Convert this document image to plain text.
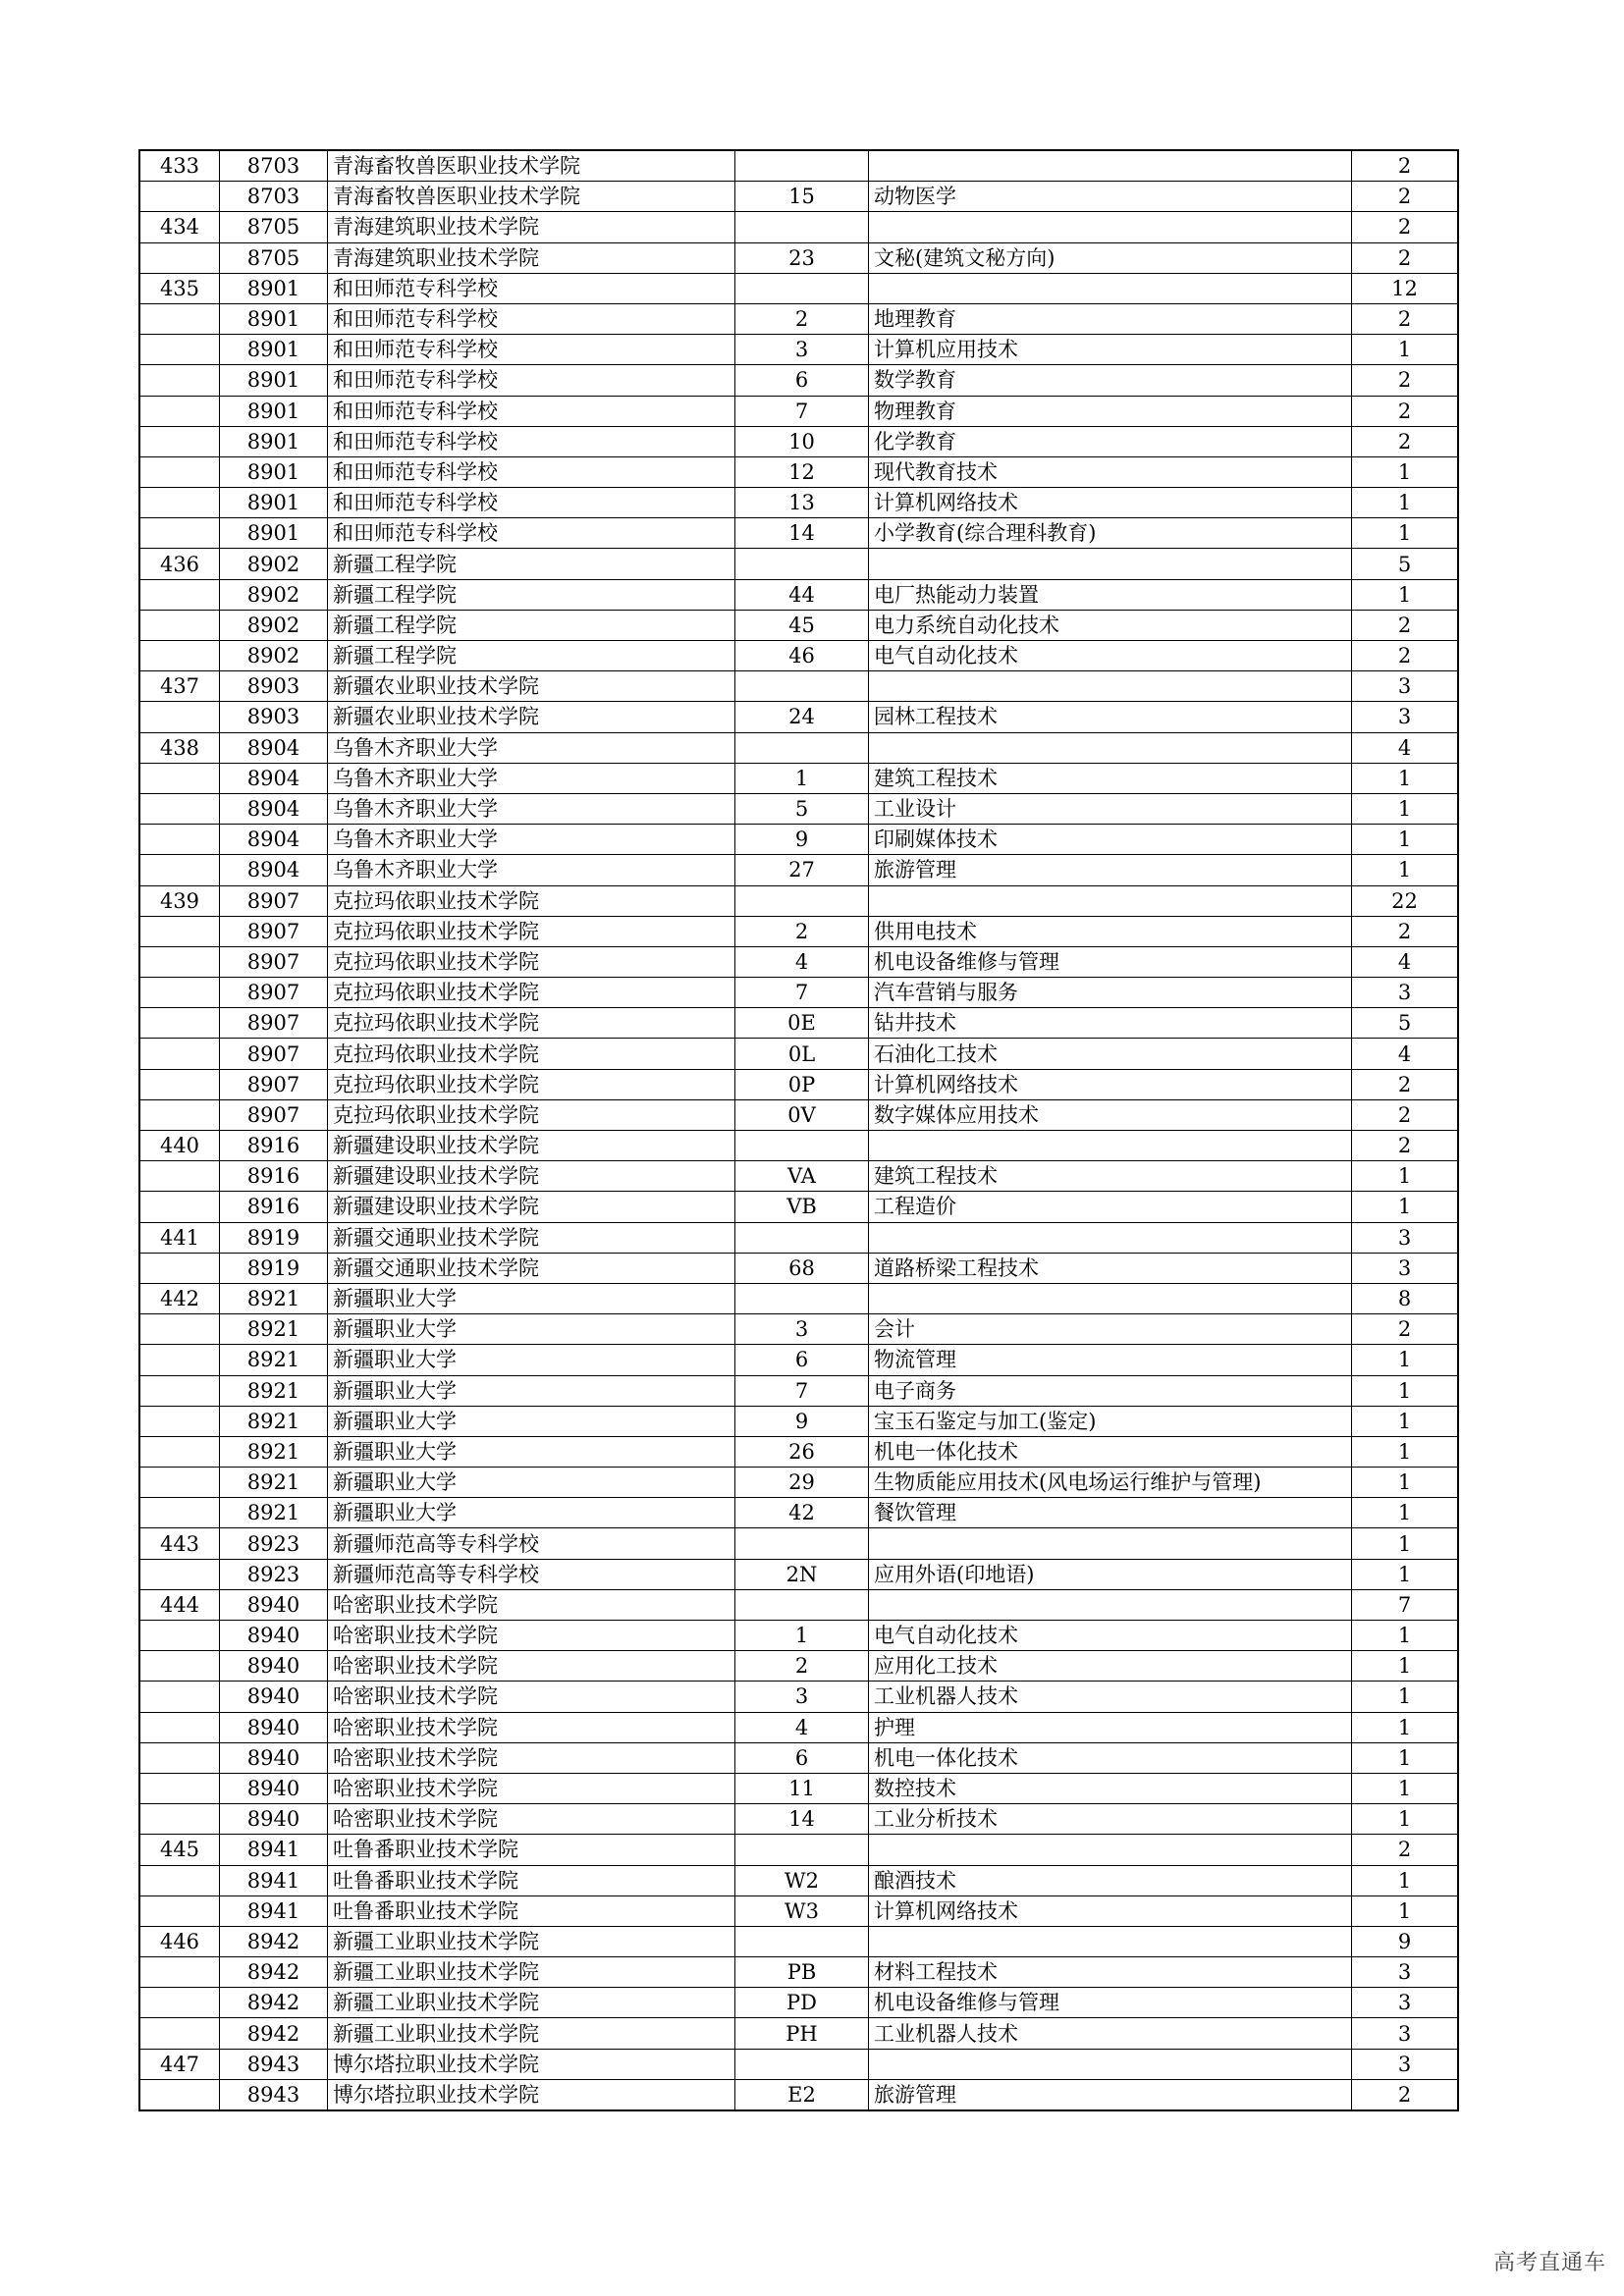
433	8703	青海畜牧兽医职业技术学院			2
	8703	青海畜牧兽医职业技术学院	15	动物医学	2
434	8705	青海建筑职业技术学院			2
	8705	青海建筑职业技术学院	23	文秘(建筑文秘方向)	2
435	8901	和田师范专科学校			12
	8901	和田师范专科学校	2	地理教育	2
	8901	和田师范专科学校	3	计算机应用技术	1
	8901	和田师范专科学校	6	数学教育	2
	8901	和田师范专科学校	7	物理教育	2
	8901	和田师范专科学校	10	化学教育	2
	8901	和田师范专科学校	12	现代教育技术	1
	8901	和田师范专科学校	13	计算机网络技术	1
	8901	和田师范专科学校	14	小学教育(综合理科教育)	1
436	8902	新疆工程学院			5
	8902	新疆工程学院	44	电厂热能动力装置	1
	8902	新疆工程学院	45	电力系统自动化技术	2
	8902	新疆工程学院	46	电气自动化技术	2
437	8903	新疆农业职业技术学院			3
	8903	新疆农业职业技术学院	24	园林工程技术	3
438	8904	乌鲁木齐职业大学			4
	8904	乌鲁木齐职业大学	1	建筑工程技术	1
	8904	乌鲁木齐职业大学	5	工业设计	1
	8904	乌鲁木齐职业大学	9	印刷媒体技术	1
	8904	乌鲁木齐职业大学	27	旅游管理	1
439	8907	克拉玛依职业技术学院			22
	8907	克拉玛依职业技术学院	2	供用电技术	2
	8907	克拉玛依职业技术学院	4	机电设备维修与管理	4
	8907	克拉玛依职业技术学院	7	汽车营销与服务	3
	8907	克拉玛依职业技术学院	0E	钻井技术	5
	8907	克拉玛依职业技术学院	0L	石油化工技术	4
	8907	克拉玛依职业技术学院	0P	计算机网络技术	2
	8907	克拉玛依职业技术学院	0V	数字媒体应用技术	2
440	8916	新疆建设职业技术学院			2
	8916	新疆建设职业技术学院	VA	建筑工程技术	1
	8916	新疆建设职业技术学院	VB	工程造价	1
441	8919	新疆交通职业技术学院			3
	8919	新疆交通职业技术学院	68	道路桥梁工程技术	3
442	8921	新疆职业大学			8
	8921	新疆职业大学	3	会计	2
	8921	新疆职业大学	6	物流管理	1
	8921	新疆职业大学	7	电子商务	1
	8921	新疆职业大学	9	宝玉石鉴定与加工(鉴定)	1
	8921	新疆职业大学	26	机电一体化技术	1
	8921	新疆职业大学	29	生物质能应用技术(风电场运行维护与管理)	1
	8921	新疆职业大学	42	餐饮管理	1
443	8923	新疆师范高等专科学校			1
	8923	新疆师范高等专科学校	2N	应用外语(印地语)	1
444	8940	哈密职业技术学院			7
	8940	哈密职业技术学院	1	电气自动化技术	1
	8940	哈密职业技术学院	2	应用化工技术	1
	8940	哈密职业技术学院	3	工业机器人技术	1
	8940	哈密职业技术学院	4	护理	1
	8940	哈密职业技术学院	6	机电一体化技术	1
	8940	哈密职业技术学院	11	数控技术	1
	8940	哈密职业技术学院	14	工业分析技术	1
445	8941	吐鲁番职业技术学院			2
	8941	吐鲁番职业技术学院	W2	酿酒技术	1
	8941	吐鲁番职业技术学院	W3	计算机网络技术	1
446	8942	新疆工业职业技术学院			9
	8942	新疆工业职业技术学院	PB	材料工程技术	3
	8942	新疆工业职业技术学院	PD	机电设备维修与管理	3
	8942	新疆工业职业技术学院	PH	工业机器人技术	3
447	8943	博尔塔拉职业技术学院			3
	8943	博尔塔拉职业技术学院	E2	旅游管理	2
高考直通车
